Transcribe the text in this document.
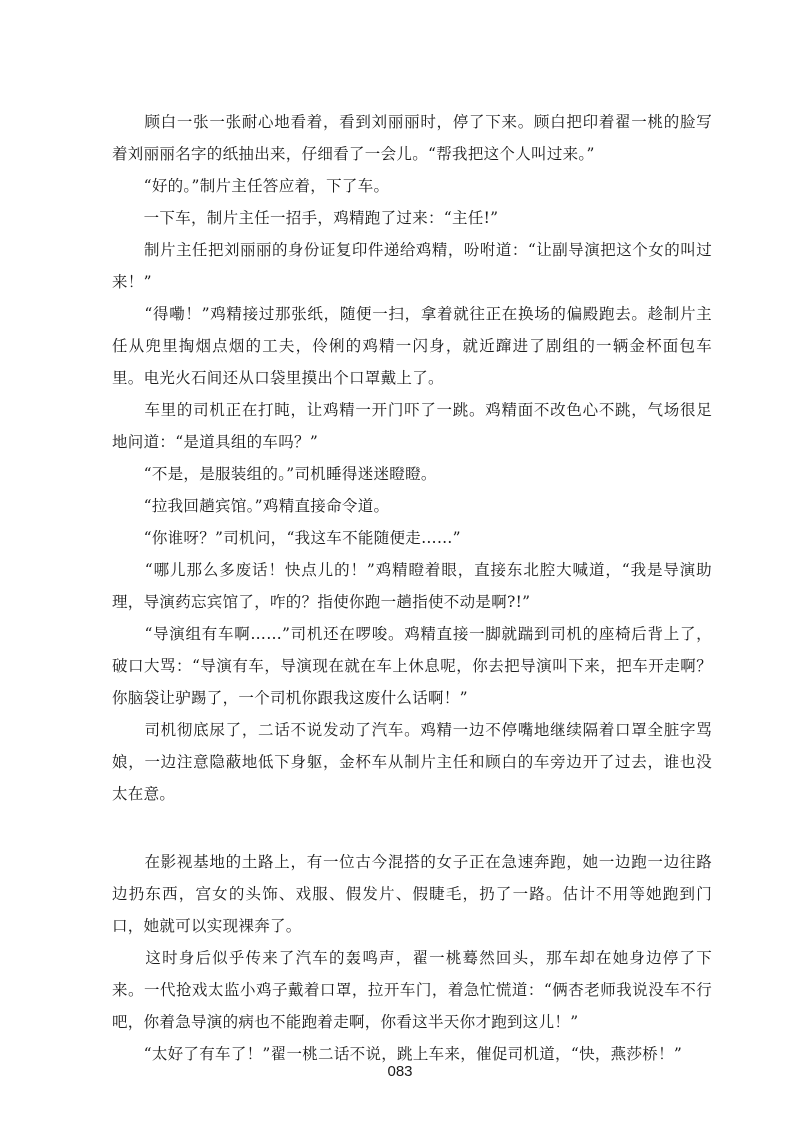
　　顾白一张一张耐心地看着，看到刘丽丽时，停了下来。顾白把印着翟一桃的脸写着刘丽丽名字的纸抽出来，仔细看了一会儿。“帮我把这个人叫过来。”

　　“好的。”制片主任答应着，下了车。

　　一下车，制片主任一招手，鸡精跑了过来：“主任!”

　　制片主任把刘丽丽的身份证复印件递给鸡精，吩咐道：“让副导演把这个女的叫过来！”

　　“得嘞！”鸡精接过那张纸，随便一扫，拿着就往正在换场的偏殿跑去。趁制片主任从兜里掏烟点烟的工夫，伶俐的鸡精一闪身，就近蹿进了剧组的一辆金杯面包车里。电光火石间还从口袋里摸出个口罩戴上了。

　　车里的司机正在打盹，让鸡精一开门吓了一跳。鸡精面不改色心不跳，气场很足地问道：“是道具组的车吗？”

　　“不是，是服装组的。”司机睡得迷迷瞪瞪。

　　“拉我回趟宾馆。”鸡精直接命令道。

　　“你谁呀？”司机问，“我这车不能随便走……”

　　“哪儿那么多废话！快点儿的！”鸡精瞪着眼，直接东北腔大喊道，“我是导演助理，导演药忘宾馆了，咋的？指使你跑一趟指使不动是啊?!”

　　“导演组有车啊……”司机还在啰唆。鸡精直接一脚就踹到司机的座椅后背上了，破口大骂：“导演有车，导演现在就在车上休息呢，你去把导演叫下来，把车开走啊？你脑袋让驴踢了，一个司机你跟我这废什么话啊！”

　　司机彻底尿了，二话不说发动了汽车。鸡精一边不停嘴地继续隔着口罩全脏字骂娘，一边注意隐蔽地低下身躯，金杯车从制片主任和顾白的车旁边开了过去，谁也没太在意。

　　在影视基地的土路上，有一位古今混搭的女子正在急速奔跑，她一边跑一边往路边扔东西，宫女的头饰、戏服、假发片、假睫毛，扔了一路。估计不用等她跑到门口，她就可以实现裸奔了。

　　这时身后似乎传来了汽车的轰鸣声，翟一桃蓦然回头，那车却在她身边停了下来。一代抢戏太监小鸡子戴着口罩，拉开车门，着急忙慌道：“俩杏老师我说没车不行吧，你着急导演的病也不能跑着走啊，你看这半天你才跑到这儿！”

　　“太好了有车了！”翟一桃二话不说，跳上车来，催促司机道，“快，燕莎桥！”

083
